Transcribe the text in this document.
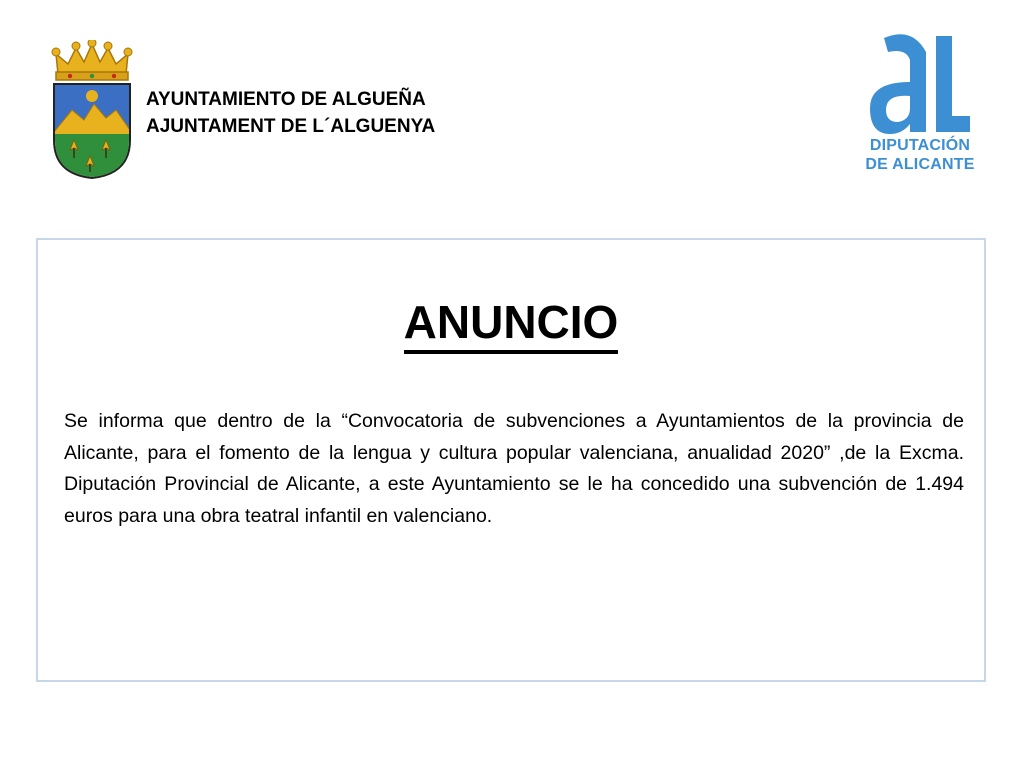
AYUNTAMIENTO DE ALGUEÑA
AJUNTAMENT DE L´ALGUENYA
DIPUTACIÓN
DE ALICANTE
ANUNCIO
Se informa que dentro de la “Convocatoria de subvenciones a Ayuntamientos de la provincia de Alicante, para el fomento de la lengua y cultura popular valenciana, anualidad 2020” ,de la Excma. Diputación Provincial de Alicante, a este Ayuntamiento se le ha concedido una subvención de 1.494 euros para una obra teatral infantil en valenciano.
